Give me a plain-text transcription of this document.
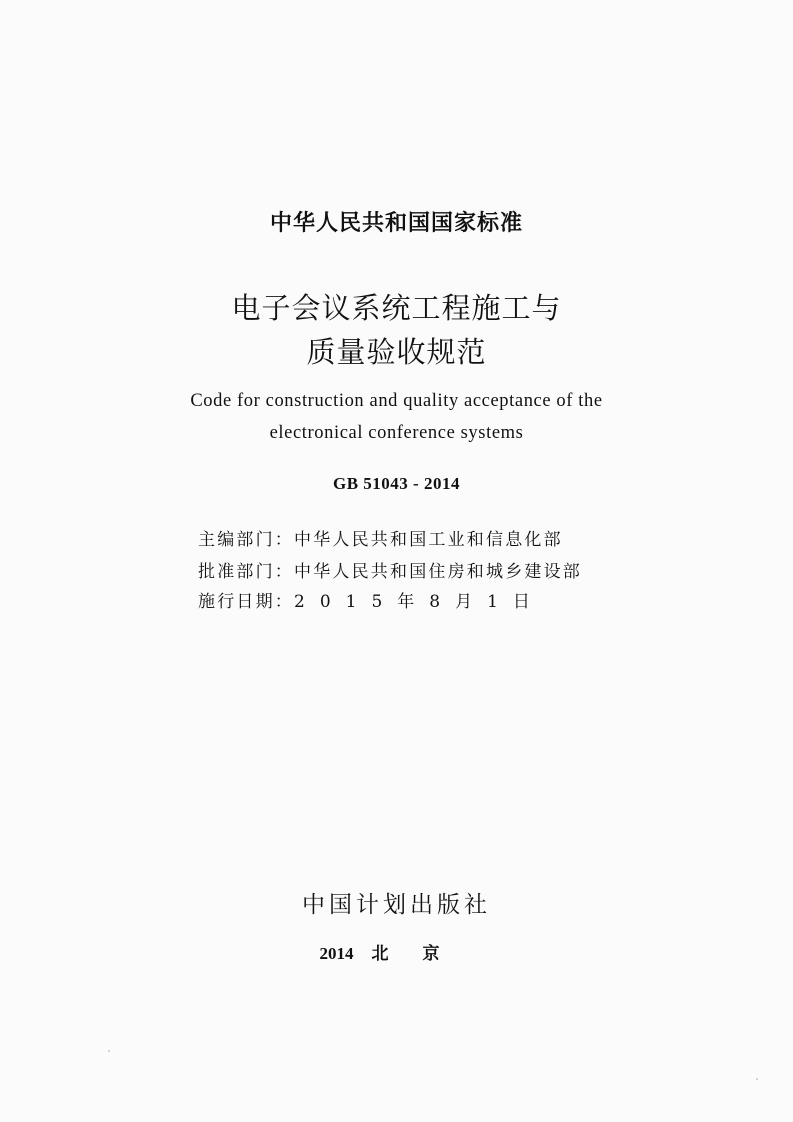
中华人民共和国国家标准
电子会议系统工程施工与
质量验收规范
Code for construction and quality acceptance of the
electronical conference systems
GB 51043 - 2014
主编部门：中华人民共和国工业和信息化部
批准部门：中华人民共和国住房和城乡建设部
施行日期：2015年8月1日
中国计划出版社
2014 北京
